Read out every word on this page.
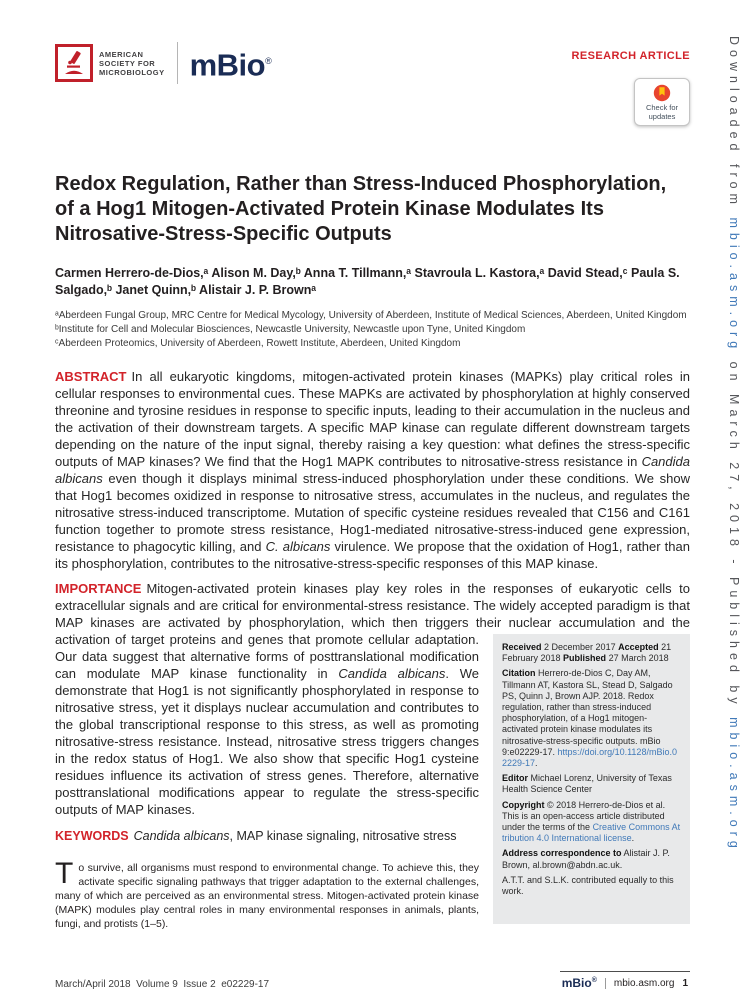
Downloaded from mbio.asm.org on March 27, 2018 - Published by mbio.asm.org
AMERICAN
SOCIETY FOR
MICROBIOLOGY mBio®	RESEARCH ARTICLE
Check for
updates
Redox Regulation, Rather than Stress-Induced Phosphorylation, of a Hog1 Mitogen-Activated Protein Kinase Modulates Its Nitrosative-Stress-Specific Outputs

Carmen Herrero-de-Dios,ᵃ Alison M. Day,ᵇ Anna T. Tillmann,ᵃ Stavroula L. Kastora,ᵃ David Stead,ᶜ Paula S. Salgado,ᵇ Janet Quinn,ᵇ Alistair J. P. Brownᵃ

ᵃAberdeen Fungal Group, MRC Centre for Medical Mycology, University of Aberdeen, Institute of Medical Sciences, Aberdeen, United Kingdom

ᵇInstitute for Cell and Molecular Biosciences, Newcastle University, Newcastle upon Tyne, United Kingdom

ᶜAberdeen Proteomics, University of Aberdeen, Rowett Institute, Aberdeen, United Kingdom

ABSTRACT In all eukaryotic kingdoms, mitogen-activated protein kinases (MAPKs) play critical roles in cellular responses to environmental cues. These MAPKs are activated by phosphorylation at highly conserved threonine and tyrosine residues in response to specific inputs, leading to their accumulation in the nucleus and the activation of their downstream targets. A specific MAP kinase can regulate different downstream targets depending on the nature of the input signal, thereby raising a key question: what defines the stress-specific outputs of MAP kinases? We find that the Hog1 MAPK contributes to nitrosative-stress resistance in Candida albicans even though it displays minimal stress-induced phosphorylation under these conditions. We show that Hog1 becomes oxidized in response to nitrosative stress, accumulates in the nucleus, and regulates the nitrosative stress-induced transcriptome. Mutation of specific cysteine residues revealed that C156 and C161 function together to promote stress resistance, Hog1-mediated nitrosative-stress-induced gene expression, resistance to phagocytic killing, and C. albicans virulence. We propose that the oxidation of Hog1, rather than its phosphorylation, contributes to the nitrosative-stress-specific responses of this MAP kinase.

IMPORTANCE Mitogen-activated protein kinases play key roles in the responses of eukaryotic cells to extracellular signals and are critical for environmental-stress resistance. The widely accepted paradigm is that MAP kinases are activated by phosphorylation, which then triggers their nuclear accumulation and the activation of	Received 2 December 2017 Accepted 21 February 2018 Published 27 March 2018
Citation Herrero-de-Dios C, Day AM, Tillmann AT, Kastora SL, Stead D, Salgado PS, Quinn J, Brown AJP. 2018. Redox regulation, rather than stress-induced phosphorylation, of a Hog1 mitogen-activated protein kinase modulates its nitrosative-stress-specific outputs. mBio 9:e02229-17. https://doi.org/10.1128/mBio.02229-17.
Editor Michael Lorenz, University of Texas Health Science Center
Copyright © 2018 Herrero-de-Dios et al. This is an open-access article distributed under the terms of the Creative Commons Attribution 4.0 International license.
Address correspondence to Alistair J. P. Brown, al.brown@abdn.ac.uk.
A.T.T. and S.L.K. contributed equally to this work.
target proteins and genes that promote cellular adaptation. Our data suggest that alternative forms of posttranslational modification can modulate MAP kinase functionality in Candida albicans. We demonstrate that Hog1 is not significantly phosphorylated in response to nitrosative stress, yet it displays nuclear accumulation and contributes to the global transcriptional response to this stress, as well as promoting nitrosative-stress resistance. Instead, nitrosative stress triggers changes in the redox status of Hog1. We also show that specific Hog1 cysteine residues influence its activation of stress genes. Therefore, alternative posttranslational modifications appear to regulate the stress-specific outputs of MAP kinases.

KEYWORDS Candida albicans, MAP kinase signaling, nitrosative stress

To survive, all organisms must respond to environmental change. To achieve this, they activate specific signaling pathways that trigger adaptation to the external challenges, many of which are perceived as an environmental stress. Mitogen-activated protein kinase (MAPK) modules play central roles in many environmental responses in animals, plants, fungi, and protists (1–5).

March/April 2018  Volume 9  Issue 2  e02229-17	mBio® mbio.asm.org 1
